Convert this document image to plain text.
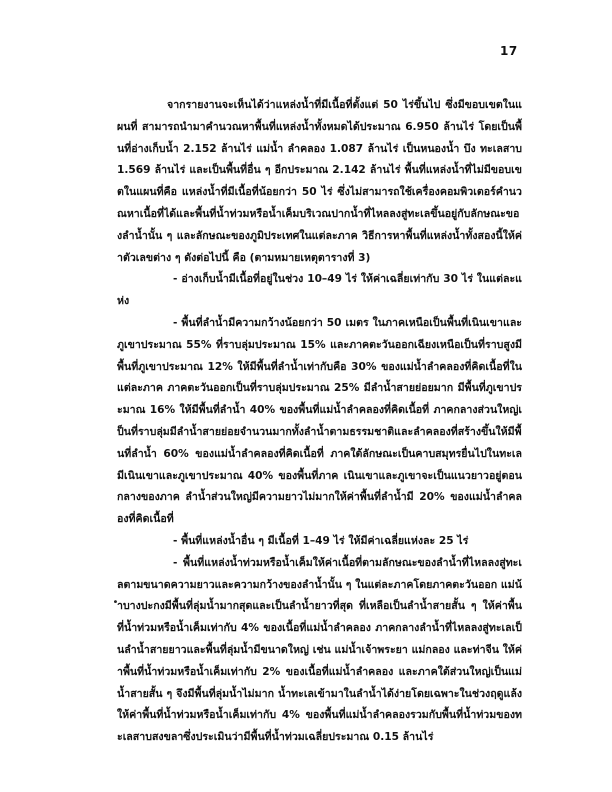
17

จากรายงานจะเห็นได้ว่าแหล่งน้ำที่มีเนื้อที่ตั้งแต่ 50 ไร่ขึ้นไป ซึ่งมีขอบเขตในแผนที่ สามารถนำมาคำนวณหาพื้นที่แหล่งน้ำทั้งหมดได้ประมาณ 6.950 ล้านไร่ โดยเป็นพื้นที่อ่างเก็บน้ำ 2.152 ล้านไร่ แม่น้ำ ลำคลอง 1.087 ล้านไร่ เป็นหนองน้ำ บึง ทะเลสาบ 1.569 ล้านไร่ และเป็นพื้นที่อื่น ๆ อีกประมาณ 2.142 ล้านไร่ พื้นที่แหล่งน้ำที่ไม่มีขอบเขตในแผนที่คือ แหล่งน้ำที่มีเนื้อที่น้อยกว่า 50 ไร่ ซึ่งไม่สามารถใช้เครื่องคอมพิวเตอร์คำนวณหาเนื้อที่ได้และพื้นที่น้ำท่วมหรือน้ำเค็มบริเวณปากน้ำที่ไหลลงสู่ทะเลขึ้นอยู่กับลักษณะของลำน้ำนั้น ๆ และลักษณะของภูมิประเทศในแต่ละภาค วิธีการหาพื้นที่แหล่งน้ำทั้งสองนี้ให้ค่าตัวเลขต่าง ๆ ดังต่อไปนี้ คือ (ตามหมายเหตุตารางที่ 3)

- อ่างเก็บน้ำมีเนื้อที่อยู่ในช่วง 10–49 ไร่ ให้ค่าเฉลี่ยเท่ากับ 30 ไร่ ในแต่ละแห่ง

- พื้นที่ลำน้ำมีความกว้างน้อยกว่า 50 เมตร ในภาคเหนือเป็นพื้นที่เนินเขาและภูเขาประมาณ 55% ที่ราบลุ่มประมาณ 15% และภาคตะวันออกเฉียงเหนือเป็นที่ราบสูงมีพื้นที่ภูเขาประมาณ 12% ให้มีพื้นที่ลำน้ำเท่ากับคือ 30% ของแม่น้ำลำคลองที่คิดเนื้อที่ในแต่ละภาค ภาคตะวันออกเป็นที่ราบลุ่มประมาณ 25% มีลำน้ำสายย่อยมาก มีพื้นที่ภูเขาประมาณ 16% ให้มีพื้นที่ลำน้ำ 40% ของพื้นที่แม่น้ำลำคลองที่คิดเนื้อที่ ภาคกลางส่วนใหญ่เป็นที่ราบลุ่มมีลำน้ำสายย่อยจำนวนมากทั้งลำน้ำตามธรรมชาติและลำคลองที่สร้างขึ้นให้มีพื้นที่ลำน้ำ 60% ของแม่น้ำลำคลองที่คิดเนื้อที่ ภาคใต้ลักษณะเป็นคาบสมุทรยื่นไปในทะเล มีเนินเขาและภูเขาประมาณ 40% ของพื้นที่ภาค เนินเขาและภูเขาจะเป็นแนวยาวอยู่ตอนกลางของภาค ลำน้ำส่วนใหญ่มีความยาวไม่มากให้ค่าพื้นที่ลำน้ำมี 20% ของแม่น้ำลำคลองที่คิดเนื้อที่

- พื้นที่แหล่งน้ำอื่น ๆ มีเนื้อที่ 1–49 ไร่ ให้มีค่าเฉลี่ยแห่งละ 25 ไร่

- พื้นที่แหล่งน้ำท่วมหรือน้ำเค็มให้ค่าเนื้อที่ตามลักษณะของลำน้ำที่ไหลลงสู่ทะเลตามขนาดความยาวและความกว้างของลำน้ำนั้น ๆ ในแต่ละภาคโดยภาคตะวันออก แม่น้ำบางปะกงมีพื้นที่ลุ่มน้ำมากสุดและเป็นลำน้ำยาวที่สุด ที่เหลือเป็นลำน้ำสายสั้น ๆ ให้ค่าพื้นที่น้ำท่วมหรือน้ำเค็มเท่ากับ 4% ของเนื้อที่แม่น้ำลำคลอง ภาคกลางลำน้ำที่ไหลลงสู่ทะเลเป็นลำน้ำสายยาวและพื้นที่ลุ่มน้ำมีขนาดใหญ่ เช่น แม่น้ำเจ้าพระยา แม่กลอง และท่าจีน ให้ค่าพื้นที่น้ำท่วมหรือน้ำเค็มเท่ากับ 2% ของเนื้อที่แม่น้ำลำคลอง และภาคใต้ส่วนใหญ่เป็นแม่น้ำสายสั้น ๆ จึงมีพื้นที่ลุ่มน้ำไม่มาก น้ำทะเลเข้ามาในลำน้ำได้ง่ายโดยเฉพาะในช่วงฤดูแล้ง ให้ค่าพื้นที่น้ำท่วมหรือน้ำเค็มเท่ากับ 4% ของพื้นที่แม่น้ำลำคลองรวมกับพื้นที่น้ำท่วมของทะเลสาบสงขลาซึ่งประเมินว่ามีพื้นที่น้ำท่วมเฉลี่ยประมาณ 0.15 ล้านไร่
